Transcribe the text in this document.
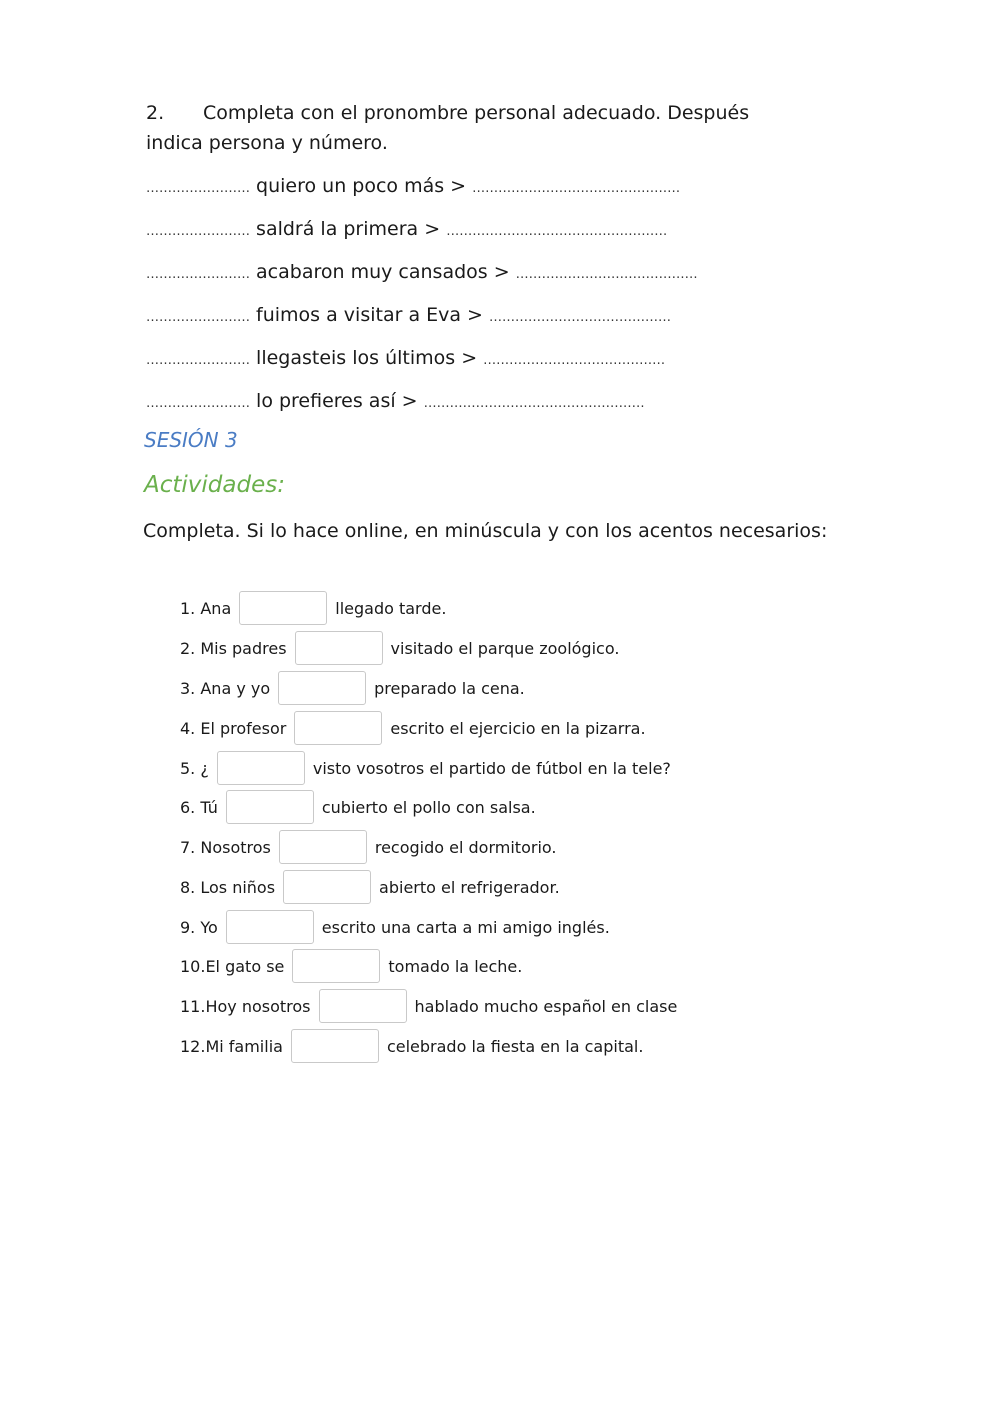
2. Completa con el pronombre personal adecuado. Después indica persona y número.
…………………… quiero un poco más > …………………………………………
…………………… saldrá la primera > ……………………………………………
…………………… acabaron muy cansados > ……………………………………
…………………… fuimos a visitar a Eva > ……………………………………
…………………… llegasteis los últimos > ……………………………………
…………………… lo prefieres así > ……………………………………………
SESIÓN 3
Actividades:
Completa. Si lo hace online, en minúscula y con los acentos necesarios:
1. Ana	llegado tarde.
2. Mis padres	visitado el parque zoológico.
3. Ana y yo	preparado la cena.
4. El profesor	escrito el ejercicio en la pizarra.
5. ¿	visto vosotros el partido de fútbol en la tele?
6. Tú	cubierto el pollo con salsa.
7. Nosotros	recogido el dormitorio.
8. Los niños	abierto el refrigerador.
9. Yo	escrito una carta a mi amigo inglés.
10.El gato se	tomado la leche.
11.Hoy nosotros	hablado mucho español en clase
12.Mi familia	celebrado la fiesta en la capital.
